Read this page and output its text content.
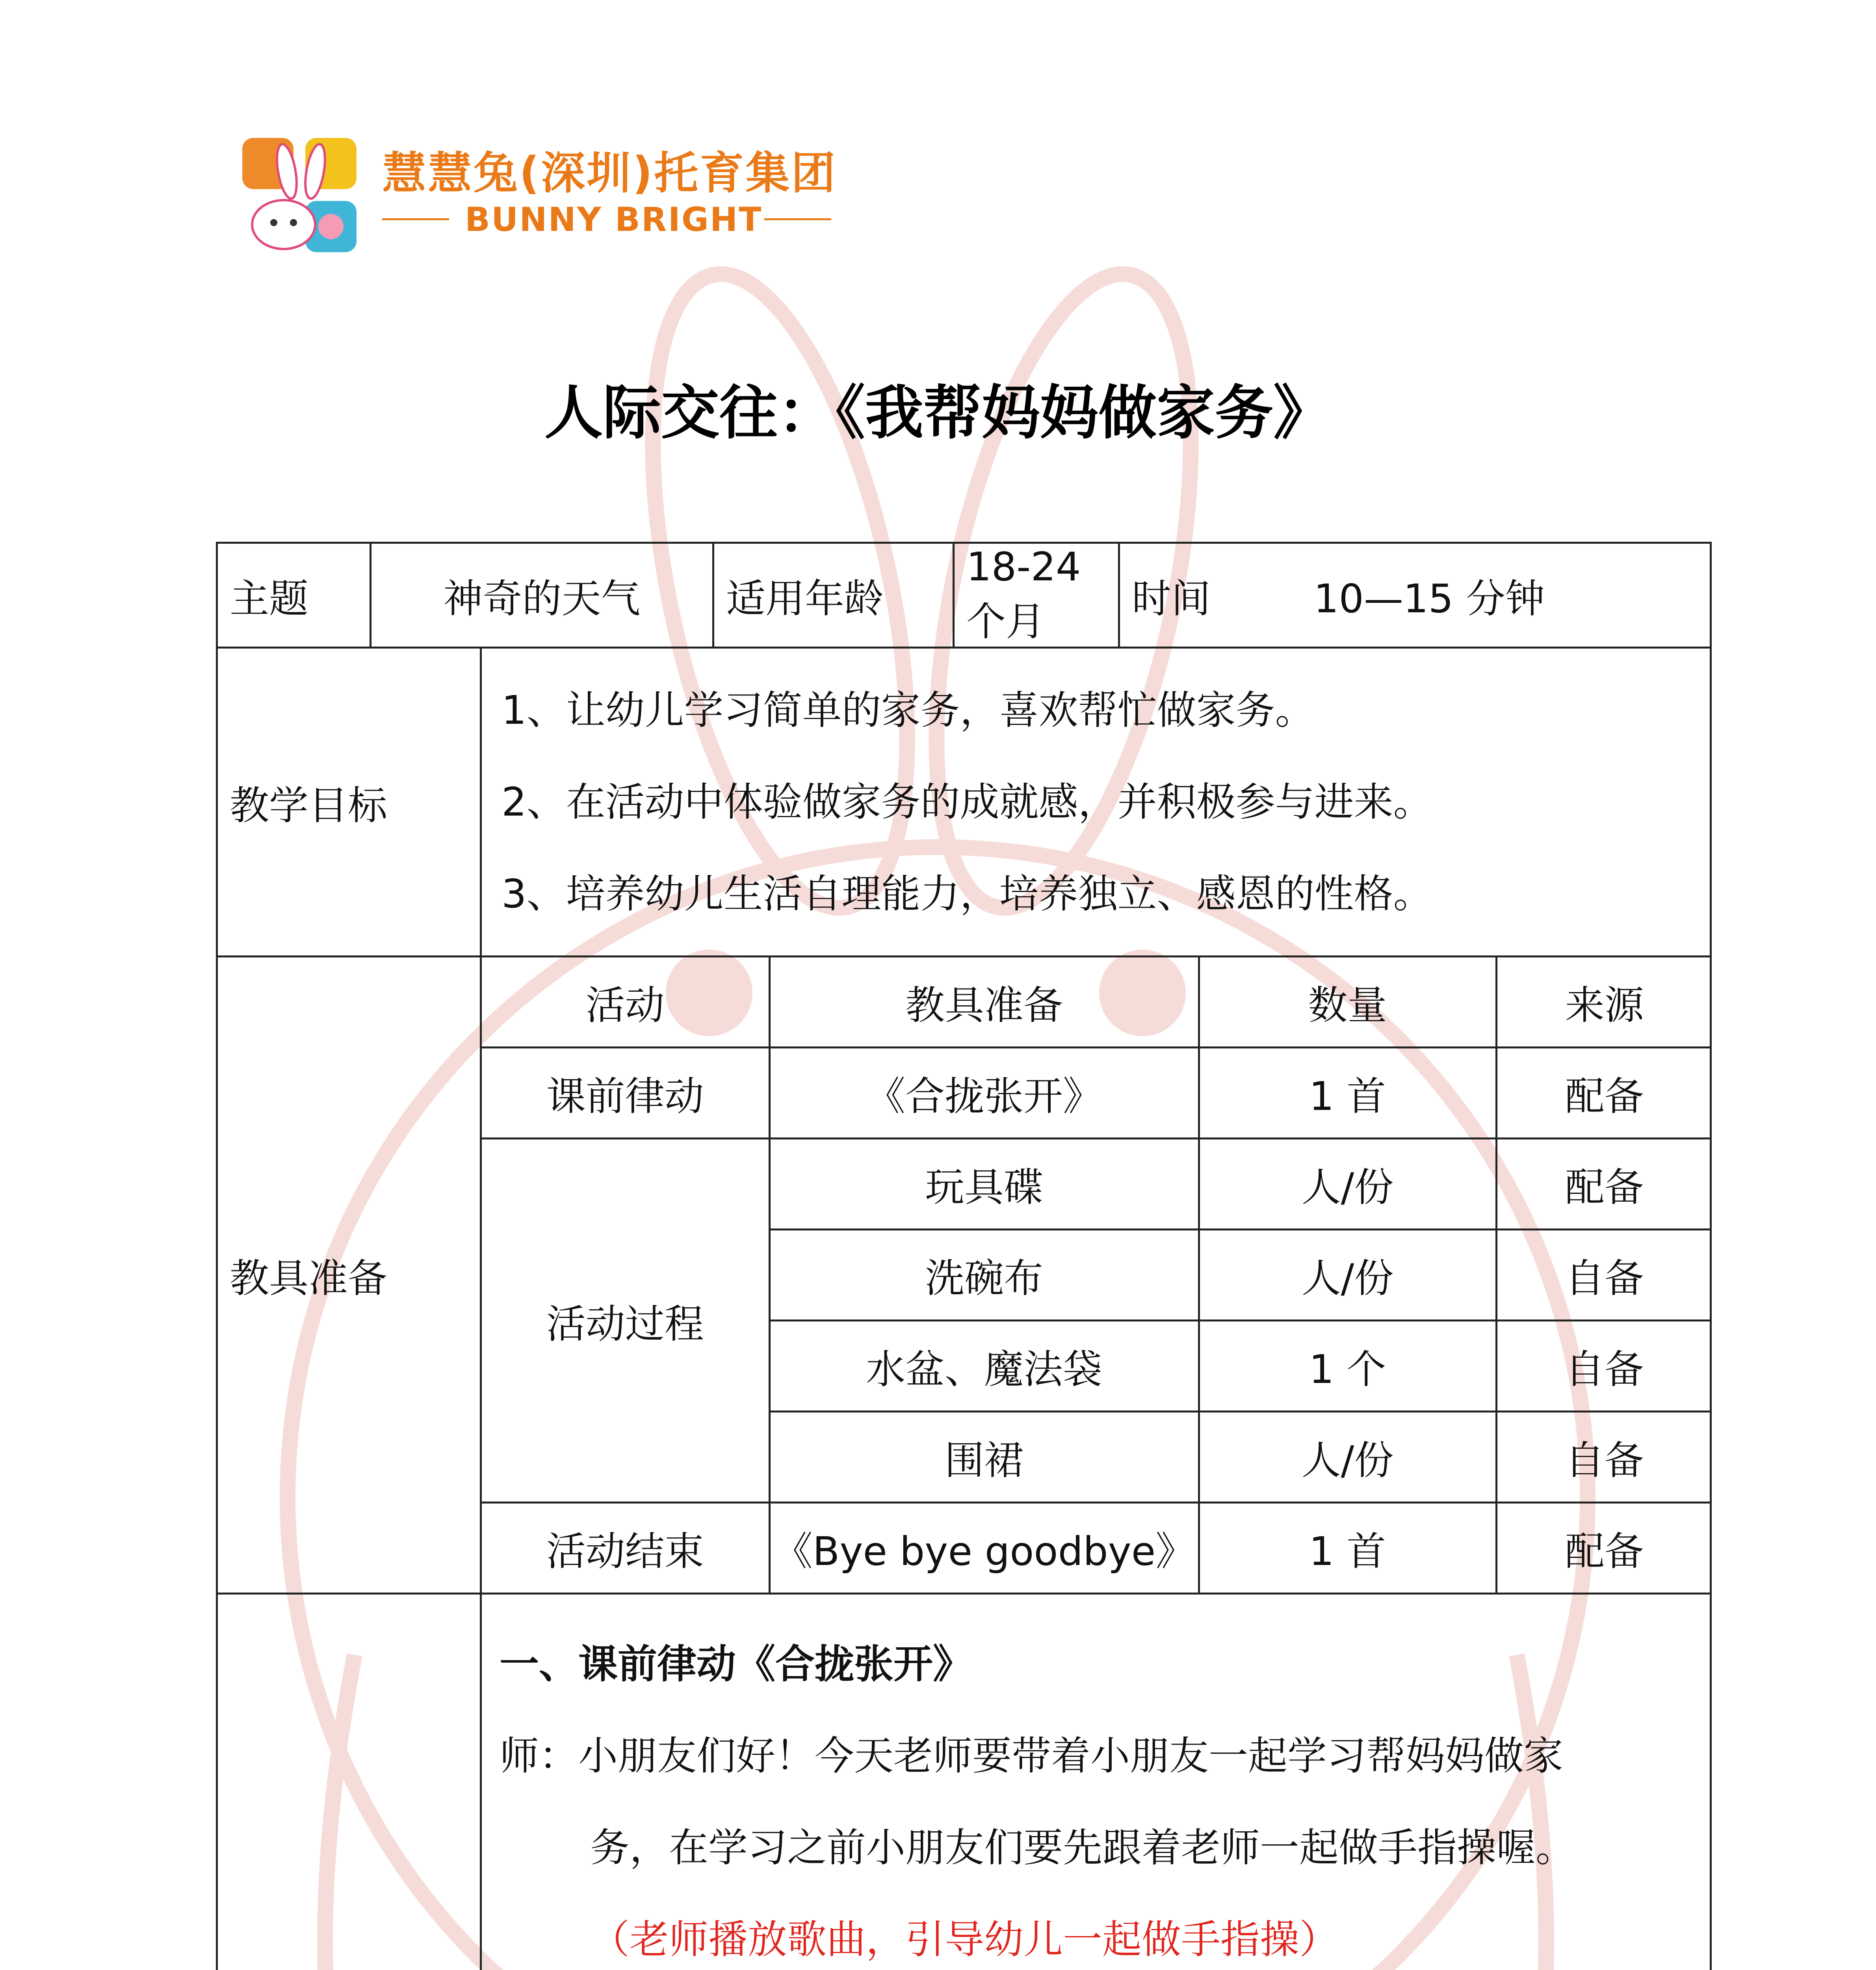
慧慧兔(深圳)托育集团
BUNNY BRIGHT
人际交往：《我帮妈妈做家务》
主题	神奇的天气	适用年龄	18-24 个月	时间	10—15 分钟
教学目标	

1、让幼儿学习简单的家务，喜欢帮忙做家务。

2、在活动中体验做家务的成就感，并积极参与进来。

3、培养幼儿生活自理能力，培养独立、感恩的性格。

教具准备	
活动	教具准备	数量	来源
课前律动	《合拢张开》	1 首	配备
活动过程	玩具碟	人/份	配备
洗碗布	人/份	自备
水盆、魔法袋	1 个	自备
围裙	人/份	自备
活动结束	《Bye bye goodbye》	1 首	配备

一、课前律动《合拢张开》

师：小朋友们好！今天老师要带着小朋友一起学习帮妈妈做家

务，在学习之前小朋友们要先跟着老师一起做手指操喔。

（老师播放歌曲，引导幼儿一起做手指操）
